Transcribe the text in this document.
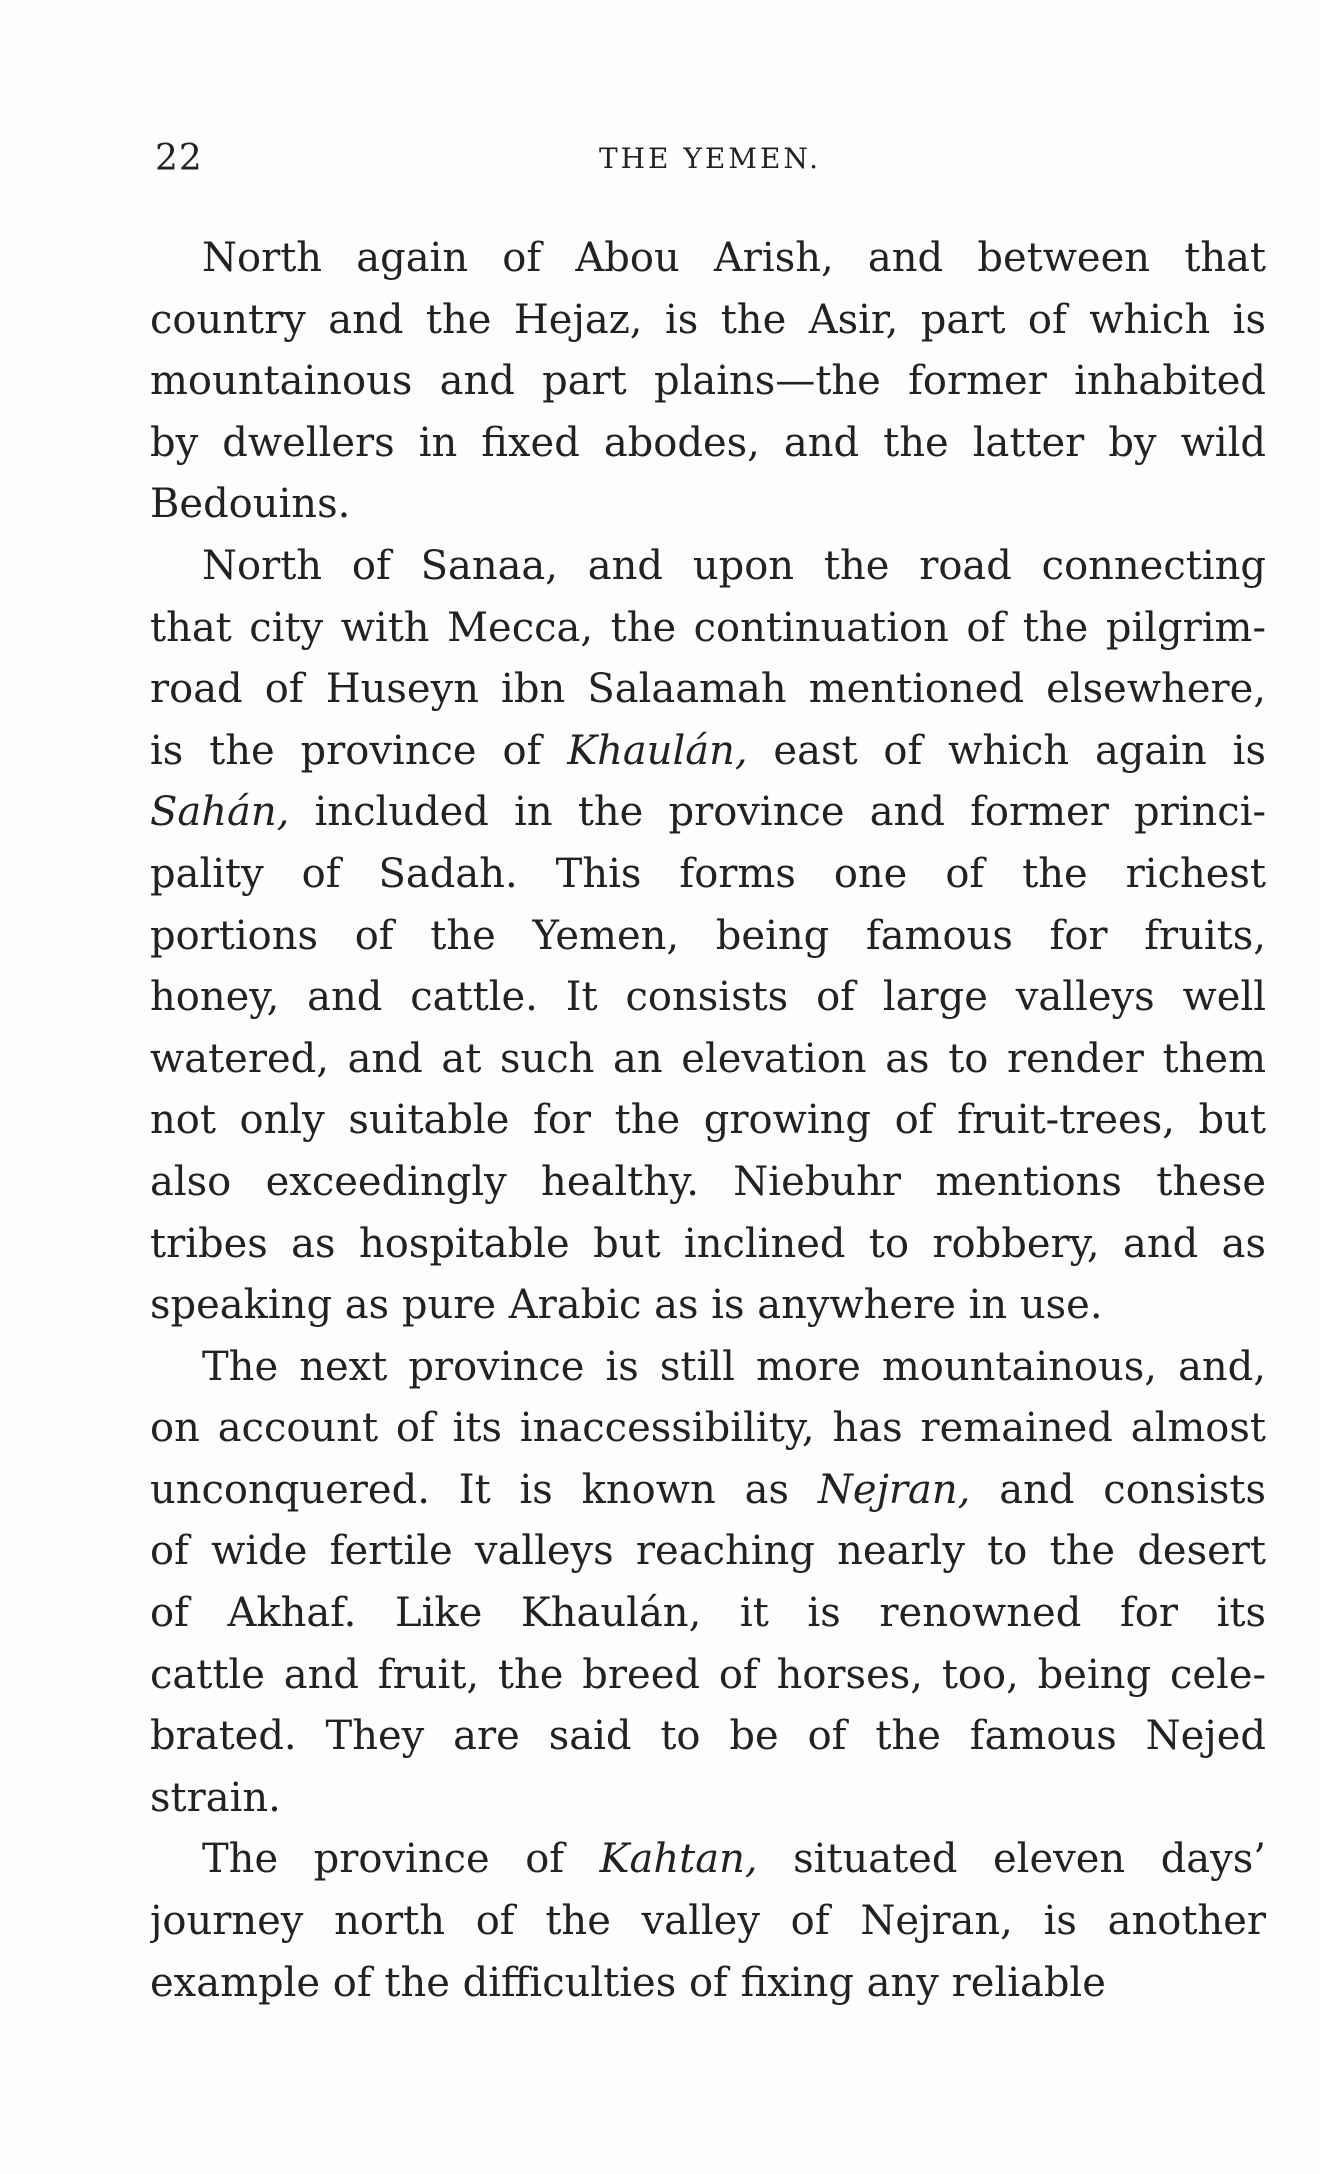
22	THE YEMEN.

North again of Abou Arish, and between that
country and the Hejaz, is the Asir, part of which is
mountainous and part plains—the former inhabited
by dwellers in fixed abodes, and the latter by wild
Bedouins.

North of Sanaa, and upon the road connecting
that city with Mecca, the continuation of the pilgrim-
road of Huseyn ibn Salaamah mentioned elsewhere,
is the province of Khaulán, east of which again is
Sahán, included in the province and former princi-
pality of Sadah. This forms one of the richest
portions of the Yemen, being famous for fruits,
honey, and cattle. It consists of large valleys well
watered, and at such an elevation as to render them
not only suitable for the growing of fruit-trees, but
also exceedingly healthy. Niebuhr mentions these
tribes as hospitable but inclined to robbery, and as
speaking as pure Arabic as is anywhere in use.

The next province is still more mountainous, and,
on account of its inaccessibility, has remained almost
unconquered. It is known as Nejran, and consists
of wide fertile valleys reaching nearly to the desert
of Akhaf. Like Khaulán, it is renowned for its
cattle and fruit, the breed of horses, too, being cele-
brated. They are said to be of the famous Nejed
strain.

The province of Kahtan, situated eleven days’
journey north of the valley of Nejran, is another
example of the difficulties of fixing any reliable
